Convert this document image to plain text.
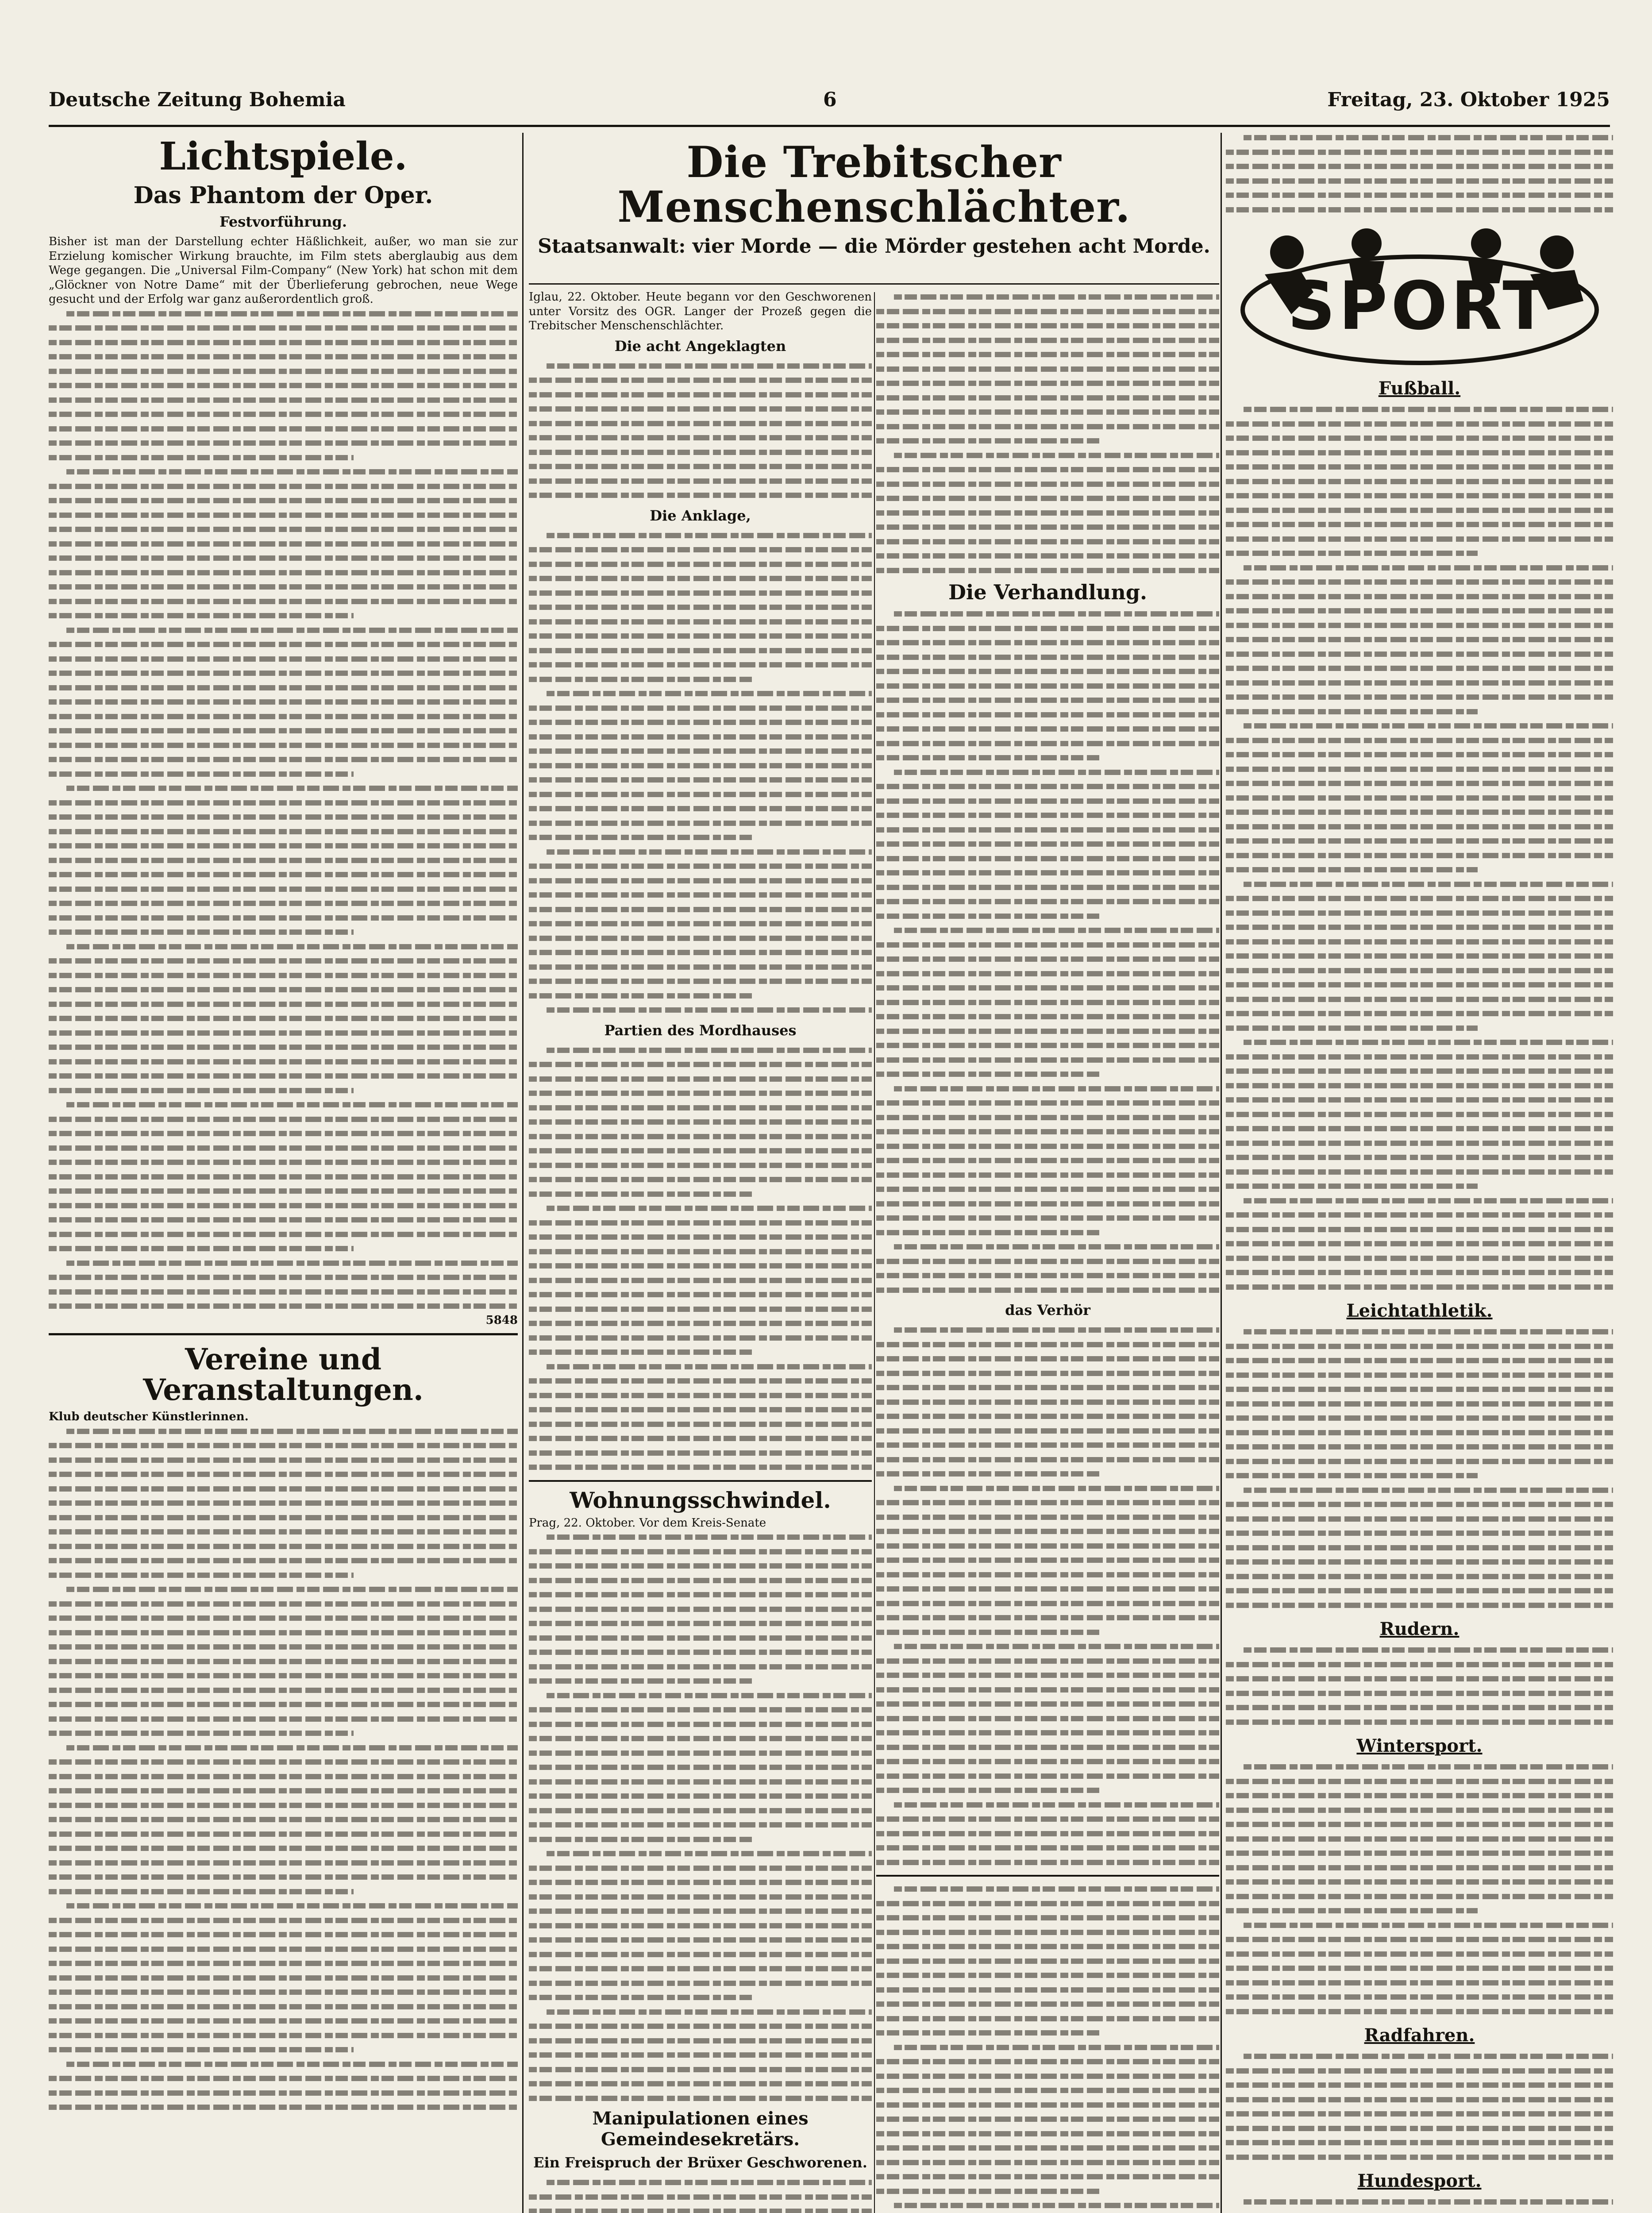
Deutsche Zeitung Bohemia	6	Freitag, 23. Oktober 1925
Lichtspiele.
Das Phantom der Oper.
Festvorführung.

Bisher ist man der Darstellung echter Häßlichkeit, außer, wo man sie zur Erzielung komischer Wirkung brauchte, im Film stets aberglaubig aus dem Wege gegangen. Die „Universal Film-Company“ (New York) hat schon mit dem „Glöckner von Notre Dame“ mit der Überlieferung gebrochen, neue Wege gesucht und der Erfolg war ganz außerordentlich groß.

5848
Vereine und Veranstaltungen.
Klub deutscher Künstlerinnen.
Die Trebitscher Menschenschlächter.
Staatsanwalt: vier Morde — die Mörder gestehen acht Morde.

Iglau, 22. Oktober. Heute begann vor den Geschworenen unter Vorsitz des OGR. Langer der Prozeß gegen die Trebitscher Menschenschlächter.

Die acht Angeklagten
Die Anklage,
Partien des Mordhauses
Wohnungsschwindel.
Prag, 22. Oktober. Vor dem Kreis-Senate
Manipulationen eines Gemeindesekretärs.
Ein Freispruch der Brüxer Geschworenen.
Die Verhandlung.
das Verhör
SPORT
Fußball.
Leichtathletik.
Rudern.
Wintersport.
Radfahren.
Hundesport.
